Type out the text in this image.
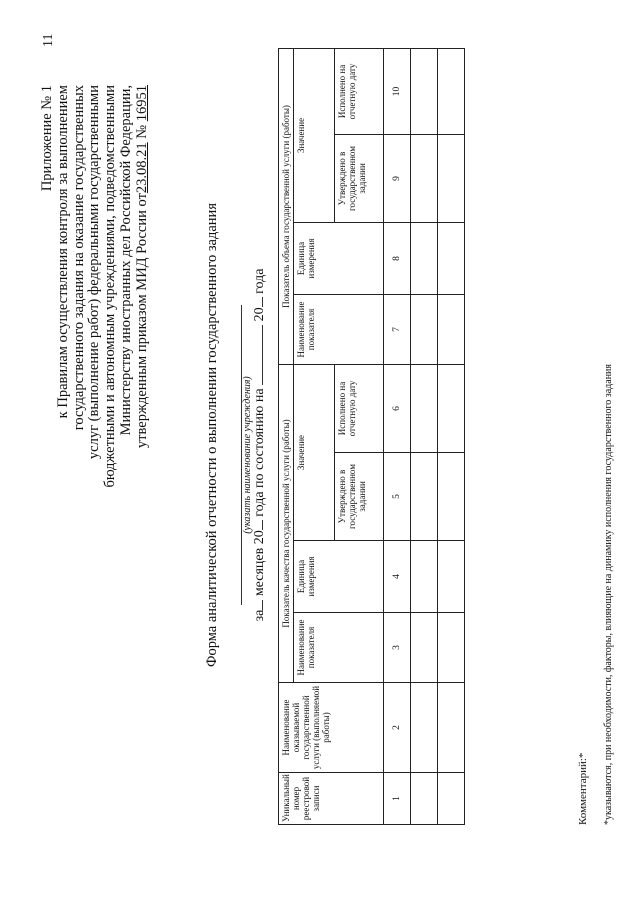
11
Приложение № 1 к Правилам осуществления контроля за выполнением государственного задания на оказание государственных услуг (выполнение работ) федеральными государственными бюджетными и автономным учреждениями, подведомственными Министерству иностранных дел Российской Федерации, утвержденным приказом МИД России от23.08.21 № 16951
Форма аналитической отчетности о выполнении государственного задания (указать наименование учреждения)
за месяцев 20 года по состоянию на  20 года
Уникальный номер реестровой записи	Наименование оказываемой государственной услуги (выполняемой работы)	Показатель качества государственной услуги (работы)				Показатель объема государственной услуги (работы)			
		Наименование показателя	Единица измерения	Значение		Наименование показателя	Единица измерения	Значение	
				Утверждено в государственном задании	Исполнено на отчетную дату			Утверждено в государственном задании	Исполнено на отчетную дату
1	2	3	4	5	6	7	8	9	10

Комментарий:* *указываются, при необходимости, факторы, влияющие на динамику исполнения государственного задания
